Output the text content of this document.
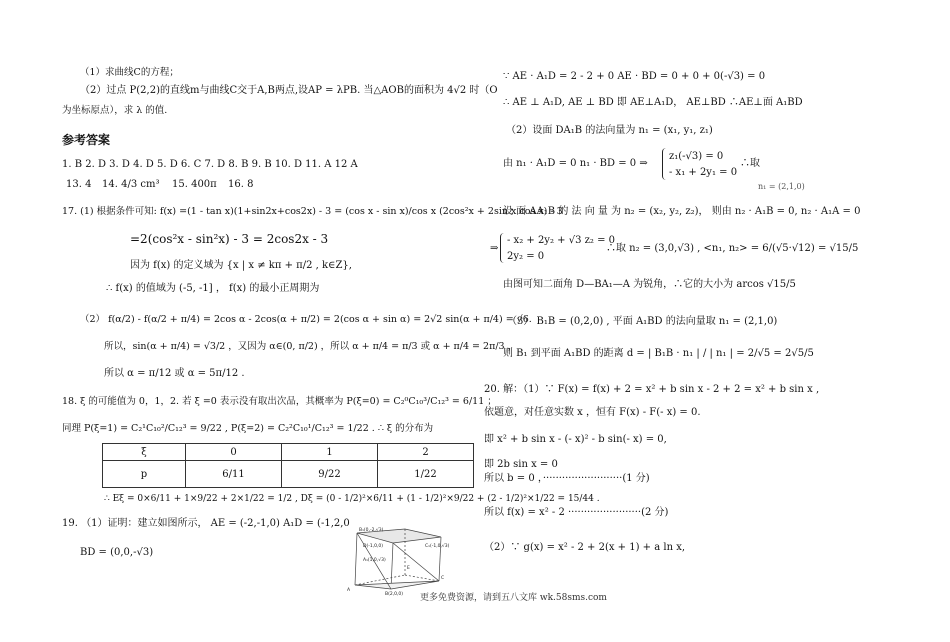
（1）求曲线C的方程；
（2）过点 P(2,2)的直线m与曲线C交于A,B两点,设AP = λPB. 当△AOB的面积为 4√2 时（O
为坐标原点），求 λ 的值.
参考答案
1. B 2. D 3. D 4. D 5. D 6. C 7. D 8. B 9. B 10. D 11. A 12 A
13. 4 14. 4/3 cm³ 15. 400π 16. 8
17. (1) 根据条件可知: f(x) =(1 - tan x)(1+sin2x+cos2x) - 3 = (cos x - sin x)/cos x (2cos²x + 2sin x cos x) - 3
=2(cos²x - sin²x) - 3 = 2cos2x - 3
因为 f(x) 的定义域为 {x | x ≠ kπ + π/2 , k∈Z},
∴ f(x) 的值域为 (-5, -1] ， f(x) 的最小正周期为
（2） f(α/2) - f(α/2 + π/4) = 2cos α - 2cos(α + π/2) = 2(cos α + sin α) = 2√2 sin(α + π/4) = √6.
所以，sin(α + π/4) = √3/2 ，又因为 α∈(0, π/2) ，所以 α + π/4 = π/3 或 α + π/4 = 2π/3 ，
所以 α = π/12 或 α = 5π/12 .
18. ξ 的可能值为 0，1，2. 若 ξ =0 表示没有取出次品，其概率为 P(ξ=0) = C₂⁰C₁₀³/C₁₂³ = 6/11 ；
同理 P(ξ=1) = C₂¹C₁₀²/C₁₂³ = 9/22 , P(ξ=2) = C₂²C₁₀¹/C₁₂³ = 1/22 . ∴ ξ 的分布为
ξ	0	1	2
p	6/11	9/22	1/22
∴ Eξ = 0×6/11 + 1×9/22 + 2×1/22 = 1/2 , Dξ = (0 - 1/2)²×6/11 + (1 - 1/2)²×9/22 + (2 - 1/2)²×1/22 = 15/44 .
19. （1）证明：建立如图所示， AE = (-2,-1,0) A₁D = (-1,2,0
BD = (0,0,-√3)
B₁(0,-2,√3)
D(-1,0,0)	C₁(-1,0,√3)
A₁(1,0,√3)
E
C
A
B(2,0,0)
∵ AE · A₁D = 2 - 2 + 0 AE · BD = 0 + 0 + 0(-√3) = 0
∴ AE ⊥ A₁D, AE ⊥ BD 即 AE⊥A₁D， AE⊥BD ∴AE⊥面 A₁BD
（2）设面 DA₁B 的法向量为 n₁ = (x₁, y₁, z₁)
由 n₁ · A₁D = 0 n₁ · BD = 0 ⇒
z₁(-√3) = 0
- x₁ + 2y₁ = 0
∴取
n₁ = (2,1,0)
设 面 AA₁B 的 法 向 量 为 n₂ = (x₂, y₂, z₂)， 则由 n₂ · A₁B = 0, n₂ · A₁A = 0
⇒
- x₂ + 2y₂ + √3 z₂ = 0
2y₂ = 0
∴取 n₂ = (3,0,√3) , <n₁, n₂> = 6/(√5·√12) = √15/5
由图可知二面角 D—BA₁—A 为锐角，∴它的大小为 arcos √15/5
（3） B₁B = (0,2,0) , 平面 A₁BD 的法向量取 n₁ = (2,1,0)
则 B₁ 到平面 A₁BD 的距离 d = | B₁B · n₁ | / | n₁ | = 2/√5 = 2√5/5
20. 解：（1）∵ F(x) = f(x) + 2 = x² + b sin x - 2 + 2 = x² + b sin x ,
依题意，对任意实数 x ，恒有 F(x) - F(- x) = 0.
即 x² + b sin x - (- x)² - b sin(- x) = 0,
即 2b sin x = 0
所以 b = 0 ，·························(1 分)
所以 f(x) = x² - 2 ·······················(2 分)
（2）∵ g(x) = x² - 2 + 2(x + 1) + a ln x,
更多免费资源，请到五八文库 wk.58sms.com
